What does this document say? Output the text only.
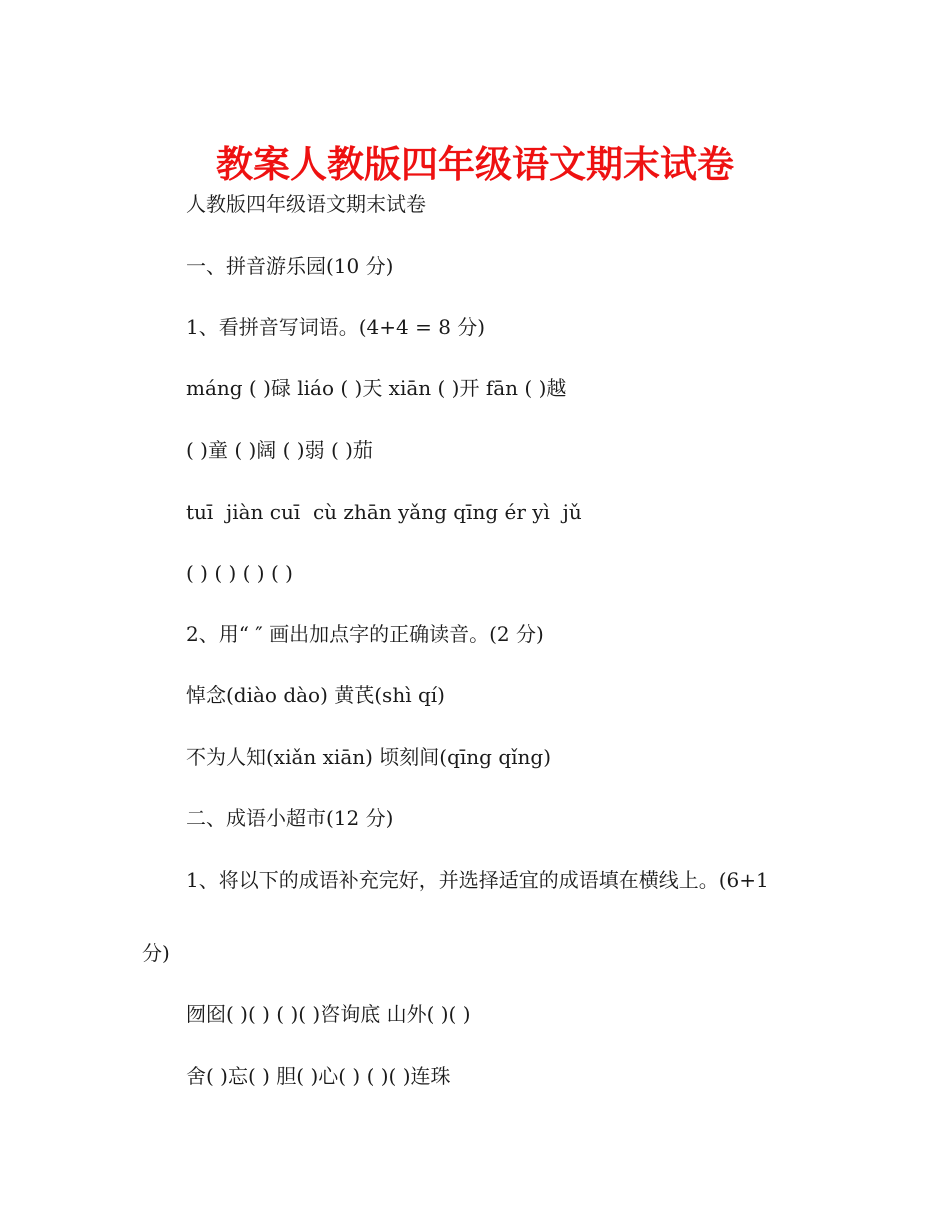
教案人教版四年级语文期末试卷
人教版四年级语文期末试卷
一、拼音游乐园(10 分)
1、看拼音写词语。(4+4 = 8 分)
máng ( )碌 liáo ( )天 xiān ( )开 fān ( )越
( )童 ( )阔 ( )弱 ( )茄
tuī  jiàn cuī  cù zhān yǎng qīng ér yì  jǔ
( ) ( ) ( ) ( )
2、用“ ″ 画出加点字的正确读音。(2 分)
悼念(diào dào) 黄芪(shì qí)
不为人知(xiǎn xiān) 顷刻间(qīng qǐng)
二、成语小超市(12 分)
1、将以下的成语补充完好，并选择适宜的成语填在横线上。(6+1
分)
囫囵( )( ) ( )( )咨询底 山外( )( )
舍( )忘( ) 胆( )心( ) ( )( )连珠
